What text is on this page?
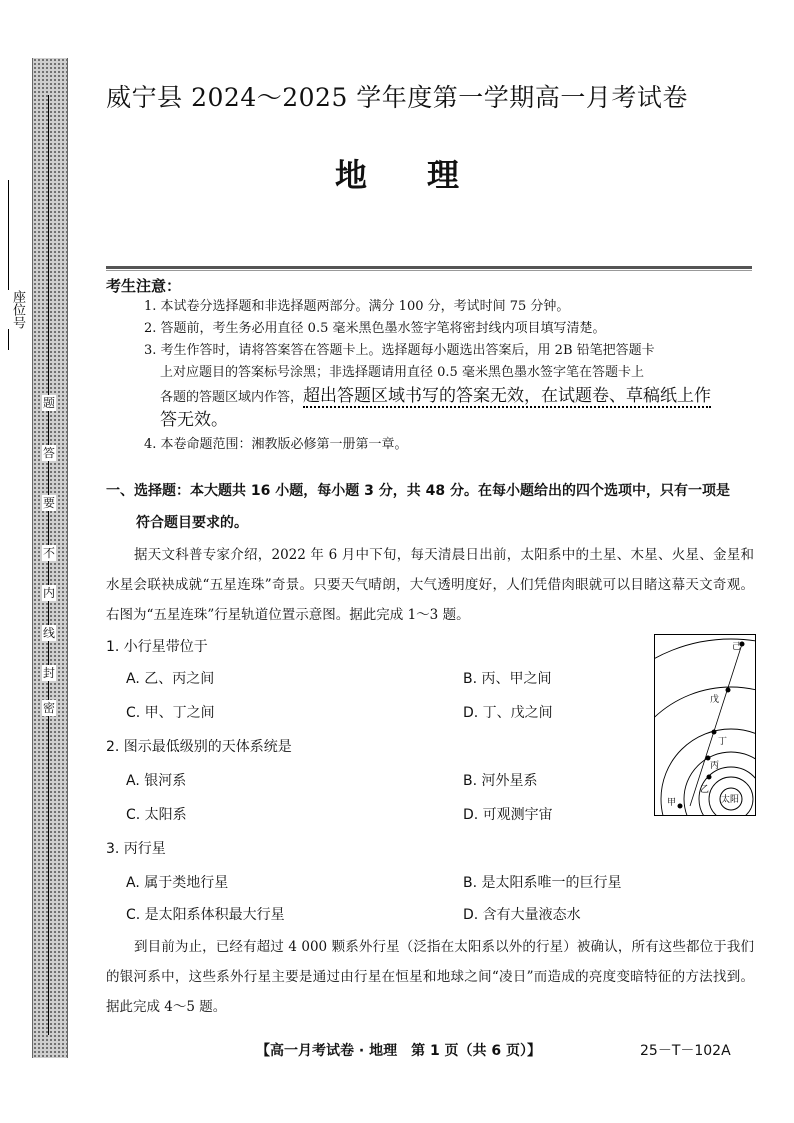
座位号
密
封
线
内
不
要
答
题
威宁县 2024～2025 学年度第一学期高一月考试卷
地理
考生注意：
1. 本试卷分选择题和非选择题两部分。满分 100 分，考试时间 75 分钟。
2. 答题前，考生务必用直径 0.5 毫米黑色墨水签字笔将密封线内项目填写清楚。
3. 考生作答时，请将答案答在答题卡上。选择题每小题选出答案后，用 2B 铅笔把答题卡
上对应题目的答案标号涂黑；非选择题请用直径 0.5 毫米黑色墨水签字笔在答题卡上
各题的答题区域内作答，超出答题区域书写的答案无效，在试题卷、草稿纸上作
答无效。
4. 本卷命题范围：湘教版必修第一册第一章。
一、选择题：本大题共 16 小题，每小题 3 分，共 48 分。在每小题给出的四个选项中，只有一项是
符合题目要求的。
据天文科普专家介绍，2022 年 6 月中下旬，每天清晨日出前，太阳系中的土星、木星、火星、金星和水星会联袂成就“五星连珠”奇景。只要天气晴朗，大气透明度好，人们凭借肉眼就可以目睹这幕天文奇观。右图为“五星连珠”行星轨道位置示意图。据此完成 1～3 题。
1. 小行星带位于
A. 乙、丙之间	B. 丙、甲之间
C. 甲、丁之间	D. 丁、戊之间
2. 图示最低级别的天体系统是
A. 银河系	B. 河外星系
C. 太阳系	D. 可观测宇宙
3. 丙行星
A. 属于类地行星	B. 是太阳系唯一的巨行星
C. 是太阳系体积最大行星	D. 含有大量液态水
太阳
己
戊
丁
丙
乙
甲
到目前为止，已经有超过 4 000 颗系外行星（泛指在太阳系以外的行星）被确认，所有这些都位于我们的银河系中，这些系外行星主要是通过由行星在恒星和地球之间“凌日”而造成的亮度变暗特征的方法找到。据此完成 4～5 题。
【高一月考试卷 · 地理　第 1 页（共 6 页）】	25－T－102A
